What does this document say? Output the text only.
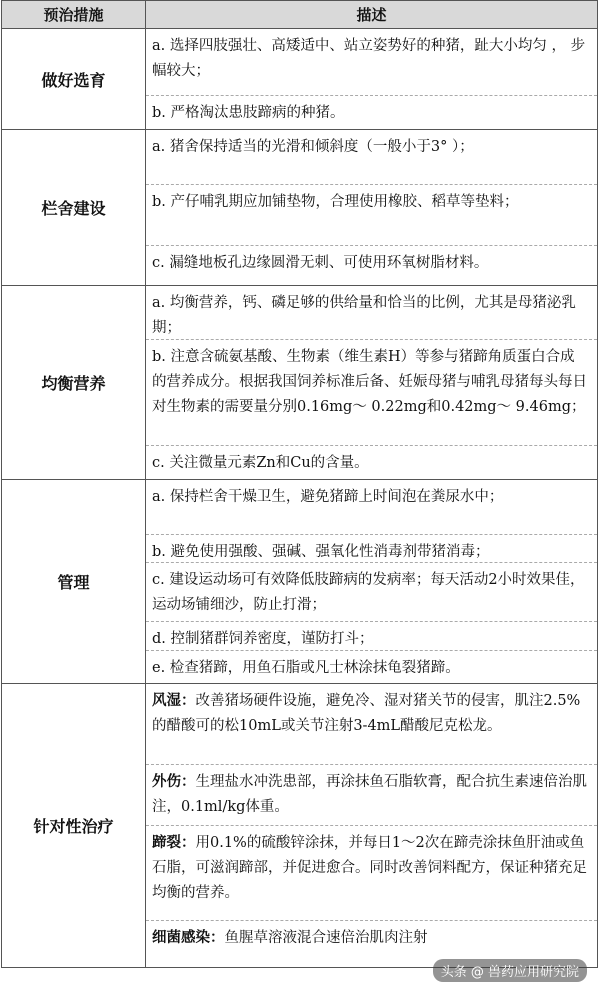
预治措施	描述
做好选育	a. 选择四肢强壮、高矮适中、站立姿势好的种猪，趾大小均匀 ， 步幅较大；
b. 严格淘汰患肢蹄病的种猪。

栏舍建设	a. 猪舍保持适当的光滑和倾斜度（一般小于3° ）；
b. 产仔哺乳期应加铺垫物，合理使用橡胶、稻草等垫料；
c. 漏缝地板孔边缘圆滑无刺、可使用环氧树脂材料。

均衡营养	a. 均衡营养，钙、磷足够的供给量和恰当的比例，尤其是母猪泌乳期；
b. 注意含硫氨基酸、生物素（维生素H）等参与猪蹄角质蛋白合成的营养成分。根据我国饲养标准后备、妊娠母猪与哺乳母猪每头每日对生物素的需要量分别0.16mg～ 0.22mg和0.42mg～ 9.46mg；
c. 关注微量元素Zn和Cu的含量。

管理	a. 保持栏舍干燥卫生，避免猪蹄上时间泡在粪尿水中；
b. 避免使用强酸、强碱、强氧化性消毒剂带猪消毒；
c. 建设运动场可有效降低肢蹄病的发病率；每天活动2小时效果佳，运动场铺细沙，防止打滑；
d. 控制猪群饲养密度，谨防打斗；
e. 检查猪蹄，用鱼石脂或凡士林涂抹龟裂猪蹄。

针对性治疗	风湿：改善猪场硬件设施，避免冷、湿对猪关节的侵害，肌注2.5%的醋酸可的松10mL或关节注射3-4mL醋酸尼克松龙。
外伤：生理盐水冲洗患部，再涂抹鱼石脂软膏，配合抗生素速倍治肌注，0.1ml/kg体重。
蹄裂：用0.1%的硫酸锌涂抹，并每日1～2次在蹄壳涂抹鱼肝油或鱼石脂，可滋润蹄部，并促进愈合。同时改善饲料配方，保证种猪充足均衡的营养。
细菌感染：鱼腥草溶液混合速倍治肌肉注射
头条 @ 兽药应用研究院
